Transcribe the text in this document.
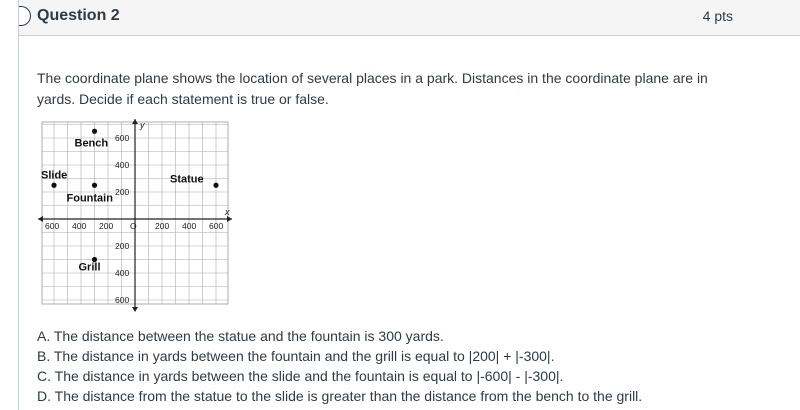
Question 2	4 pts
The coordinate plane shows the location of several places in a park. Distances in the coordinate plane are in yards. Decide if each statement is true or false.
x
y
600 400 200 O 200 400 600
600
400
200
200
400
600
Bench
Slide
Fountain
Statue
Grill
A. The distance between the statue and the fountain is 300 yards.
B. The distance in yards between the fountain and the grill is equal to |200| + |-300|.
C. The distance in yards between the slide and the fountain is equal to |-600| - |-300|.
D. The distance from the statue to the slide is greater than the distance from the bench to the grill.
